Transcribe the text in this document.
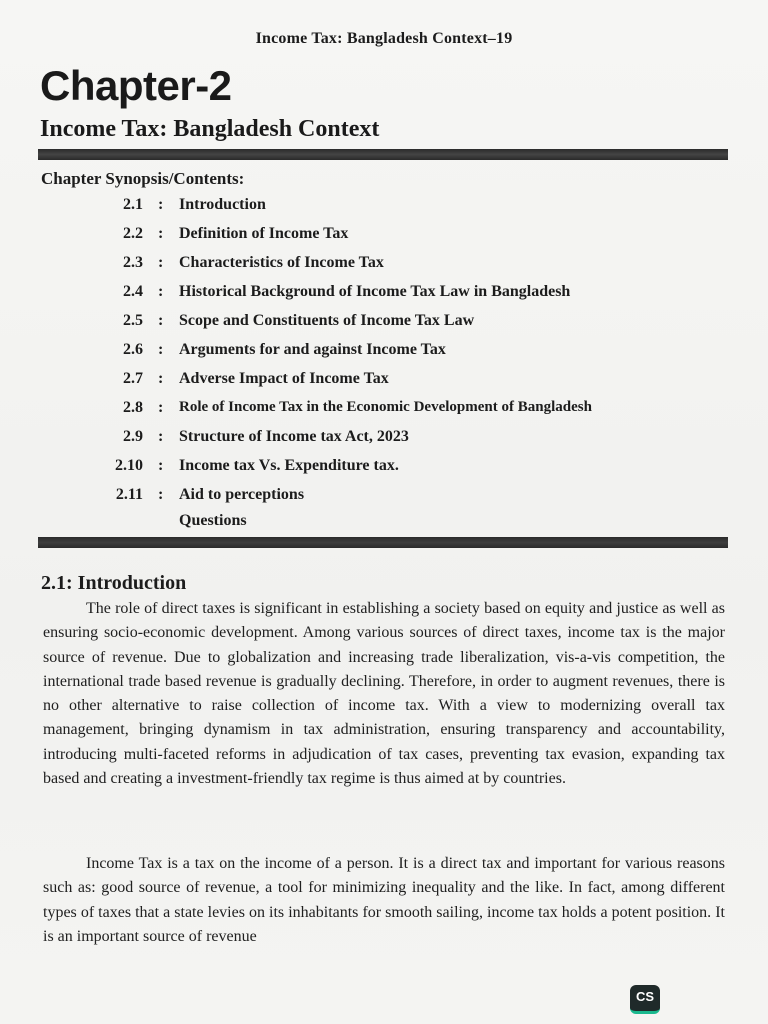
Income Tax: Bangladesh Context–19
Chapter-2
Income Tax: Bangladesh Context
Chapter Synopsis/Contents:
2.1 : Introduction
2.2 : Definition of Income Tax
2.3 : Characteristics of Income Tax
2.4 : Historical Background of Income Tax Law in Bangladesh
2.5 : Scope and Constituents of Income Tax Law
2.6 : Arguments for and against Income Tax
2.7 : Adverse Impact of Income Tax
2.8 : Role of Income Tax in the Economic Development of Bangladesh
2.9 : Structure of Income tax Act, 2023
2.10 : Income tax Vs. Expenditure tax.
2.11 : Aid to perceptions
Questions
2.1: Introduction

The role of direct taxes is significant in establishing a society based on equity and justice as well as ensuring socio-economic development. Among various sources of direct taxes, income tax is the major source of revenue. Due to globalization and increasing trade liberalization, vis-a-vis competition, the international trade based revenue is gradually declining. Therefore, in order to augment revenues, there is no other alternative to raise collection of income tax. With a view to modernizing overall tax management, bringing dynamism in tax administration, ensuring transparency and accountability, introducing multi-faceted reforms in adjudication of tax cases, preventing tax evasion, expanding tax based and creating a investment-friendly tax regime is thus aimed at by countries.

Income Tax is a tax on the income of a person. It is a direct tax and important for various reasons such as: good source of revenue, a tool for minimizing inequality and the like. In fact, among different types of taxes that a state levies on its inhabitants for smooth sailing, income tax holds a potent position. It is an important source of revenue

CS
